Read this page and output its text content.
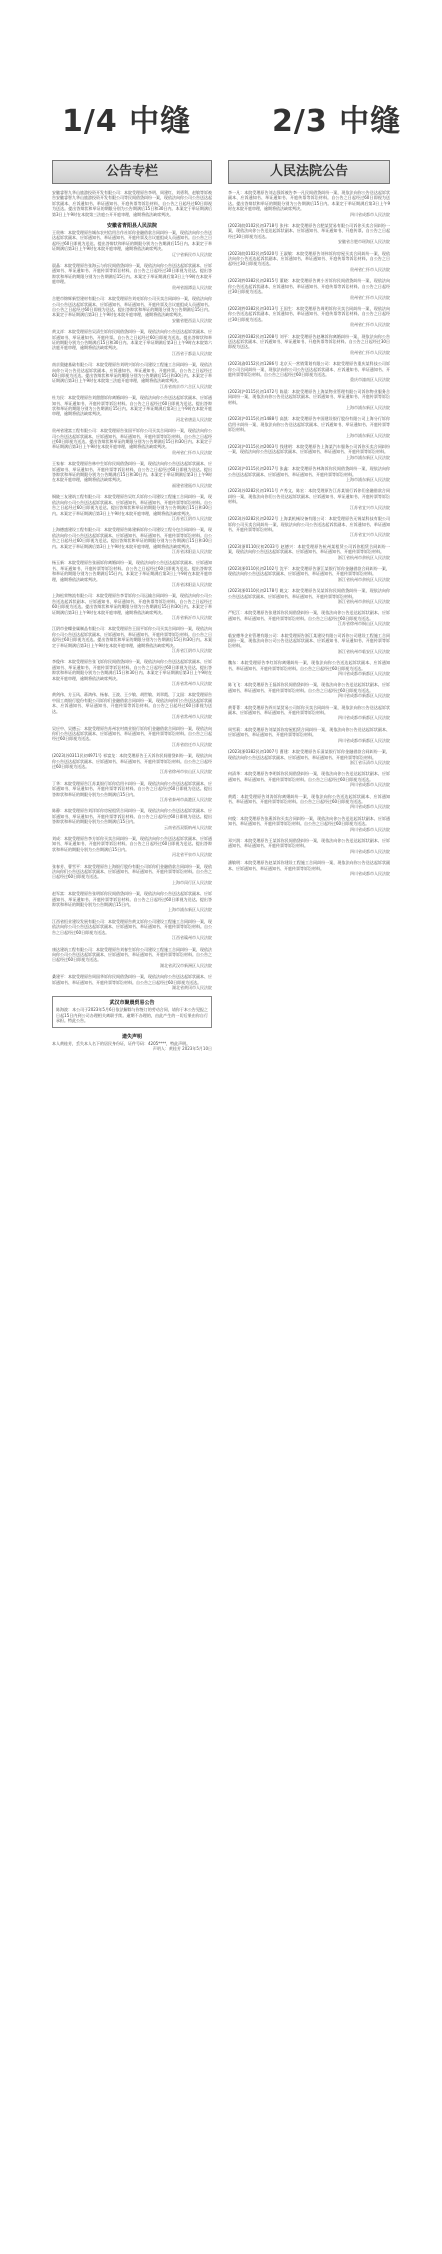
1/4 中缝	2/3 中缝
公告专栏

安徽睿智九华山旅游投资开发有限公司：本院受理原告李明、周建红、刘勇利、赵敏等诉被告安徽睿智九华山旅游投资开发有限公司等民间借贷纠纷一案，现依法向你公司公告送达起诉状副本、应诉通知书、举证通知书、开庭传票等诉讼材料。自公告之日起经过60日即视为送达。提出答辩状和举证的期限分别为公告期满后15日和30日内。本案定于举证期满后第3日上午9时在本院第三法庭公开开庭审理，逾期将依法缺席判决。

安徽省青阳县人民法院

王贵林：本院受理原告城东农村信用合作社诉你金融借款合同纠纷一案，现依法向你公告送达起诉状副本、应诉通知书、举证通知书、开庭传票及合议庭组成人员通知书。自公告之日起经过60日即视为送达。提出答辩状和举证的期限分别为公告期满后15日内。本案定于举证期满后第3日上午9时在本院开庭审理，逾期将依法缺席判决。

辽宁省新民市人民法院

晨晶：本院受理原告张海云与你民间借贷纠纷一案，现依法向你公告送达起诉状副本、应诉通知书、举证通知书、开庭传票等诉讼材料。自公告之日起经过30日即视为送达。提出答辩状和举证的期限分别为公告期满后15日内。本案定于举证期满后第3日上午9时在本院开庭审理。

贵州省湄潭县人民法院

合肥市锦辉新型建材有限公司：本院受理原告刘亮诉你公司买卖合同纠纷一案，现依法向你公司公告送达起诉状副本、应诉通知书、举证通知书、开庭传票及合议庭组成人员通知书。自公告之日起经过60日即视为送达。提出答辩状和举证的期限分别为公告期满后15日内。本案定于举证期满后第3日上午9时在本院开庭审理，逾期将依法缺席判决。

安徽省肥西县人民法院

黄文祥：本院受理原告吴清生诉你民间借贷纠纷一案，现依法向你公告送达起诉状副本、应诉通知书、举证通知书、开庭传票。自公告之日起经过60日即视为送达。提出答辩状和举证的期限分别为公告期满后15日和30日内。本案定于举证期满后第3日上午9时在本院第六法庭开庭审理，逾期将依法缺席判决。

江西省于都县人民法院

南京奥捷基础有限公司：本院受理原告刘明兴诉你公司建设工程施工合同纠纷一案，现依法向你公司公告送达起诉状副本、应诉通知书、举证通知书、开庭传票。自公告之日起经过60日即视为送达。提出答辩状和举证的期限分别为公告期满后15日和30日内。本案定于举证期满后第3日上午9时在本院第三法庭开庭审理，逾期将依法缺席判决。

江苏省南京市六合区人民法院

杜为民：本院受理原告刘甜甜诉你离婚纠纷一案，现依法向你公告送达起诉状副本、应诉通知书、举证通知书、开庭传票等诉讼材料。自公告之日起经过60日即视为送达。提出答辩状和举证的期限分别为公告期满后15日内。本案定于举证期满后第3日上午9时在本院开庭审理，逾期将依法缺席判决。

河北省唐县人民法院

贵州省建富工程有限公司：本院受理原告张国平诉你公司买卖合同纠纷一案，现依法向你公司公告送达起诉状副本、应诉通知书、举证通知书、开庭传票等诉讼材料。自公告之日起经过60日即视为送达。提出答辩状和举证的期限分别为公告期满后15日和30日内。本案定于举证期满后第3日上午9时在本院开庭审理，逾期将依法缺席判决。

贵州省仁怀市人民法院

王家春：本院受理原告林中生诉你民间借贷纠纷一案，现依法向你公告送达起诉状副本、应诉通知书、举证通知书、开庭传票等诉讼材料。自公告之日起经过60日即视为送达。提出答辩状和举证的期限分别为公告期满后15日和30日内。本案定于举证期满后第3日上午9时在本院开庭审理，逾期将依法缺席判决。

福建省建瓯市人民法院

铜陵三友建筑工程有限公司：本院受理原告吴红兵诉你公司建设工程施工合同纠纷一案，现依法向你公司公告送达起诉状副本、应诉通知书、举证通知书、开庭传票等诉讼材料。自公告之日起经过60日即视为送达。提出答辩状和举证的期限分别为公告期满后15日和30日内。本案定于举证期满后第3日上午9时在本院开庭审理，逾期将依法缺席判决。

江苏省江阴市人民法院

上海德盛建设工程有限公司：本院受理原告陈建新诉你公司建设工程分包合同纠纷一案，现依法向你公司公告送达起诉状副本、应诉通知书、举证通知书、开庭传票等诉讼材料。自公告之日起经过60日即视为送达。提出答辩状和举证的期限分别为公告期满后15日和30日内。本案定于举证期满后第3日上午9时在本院开庭审理，逾期将依法缺席判决。

江苏省沭阳县人民法院

杨玉新：本院受理原告张丽诉你离婚纠纷一案，现依法向你公告送达起诉状副本、应诉通知书、举证通知书、开庭传票等诉讼材料。自公告之日起经过60日即视为送达。提出答辩状和举证的期限分别为公告期满后15日内。本案定于举证期满后第3日上午9时在本院开庭审理，逾期将依法缺席判决。

江苏省沭阳县人民法院

上海松荣物流有限公司：本院受理原告李青诉你公司运输合同纠纷一案，现依法向你公司公告送达起诉状副本、应诉通知书、举证通知书、开庭传票等诉讼材料。自公告之日起经过60日即视为送达。提出答辩状和举证的期限分别为公告期满后15日和30日内。本案定于举证期满后第3日上午9时在本院开庭审理，逾期将依法缺席判决。

江苏省新沂市人民法院

江阴市金蝶金属制品有限公司：本院受理原告王国平诉你公司买卖合同纠纷一案，现依法向你公司公告送达起诉状副本、应诉通知书、举证通知书、开庭传票等诉讼材料。自公告之日起经过60日即视为送达。提出答辩状和举证的期限分别为公告期满后15日和30日内。本案定于举证期满后第3日上午9时在本院开庭审理，逾期将依法缺席判决。

江苏省江阴市人民法院

李俊伟：本院受理原告张飞诉你民间借贷纠纷一案，现依法向你公告送达起诉状副本、应诉通知书、举证通知书、开庭传票等诉讼材料。自公告之日起经过60日即视为送达。提出答辩状和举证的期限分别为公告期满后15日和30日内。本案定于举证期满后第3日上午9时在本院开庭审理，逾期将依法缺席判决。

江苏省常州市人民法院

黄剑伟、方玉风、蒋鸿伟、杨春、王波、王少敏、胡世敏、刘翠霞、丁文国：本院受理原告中国工商银行股份有限公司诉你们金融借款合同纠纷一案，现依法向你们公告送达起诉状副本、应诉通知书、举证通知书、开庭传票等诉讼材料。自公告之日起经过60日即视为送达。

江苏省常州市人民法院

吴应中、吴德云：本院受理原告苏州农村商业银行诉你们金融借款合同纠纷一案，现依法向你们公告送达起诉状副本、应诉通知书、举证通知书、开庭传票等诉讼材料。自公告之日起经过60日即视为送达。

江苏省宿迁市人民法院

(2023)苏0311民初4971号 祁富龙：本院受理原告王天诉你民间借贷纠纷一案，现依法向你公告送达起诉状副本、应诉通知书、举证通知书、开庭传票等诉讼材料。自公告之日起经过60日即视为送达。

江苏省徐州市泉山区人民法院

丁华：本院受理原告江苏某银行诉你信用卡纠纷一案，现依法向你公告送达起诉状副本、应诉通知书、举证通知书、开庭传票等诉讼材料。自公告之日起经过60日即视为送达。提出答辩状和举证的期限分别为公告期满后15日内。

江苏省泰州市高港区人民法院

陈静：本院受理原告刘洋诉你房屋租赁合同纠纷一案，现依法向你公告送达起诉状副本、应诉通知书、举证通知书、开庭传票等诉讼材料。自公告之日起经过60日即视为送达。提出答辩状和举证的期限分别为公告期满后15日内。

云南省西双版纳州人民法院

刘成：本院受理原告李方诉你买卖合同纠纷一案，现依法向你公告送达起诉状副本、应诉通知书、举证通知书、开庭传票等诉讼材料。自公告之日起经过60日即视为送达。提出答辩状和举证的期限分别为公告期满后15日内。

河北省平泉市人民法院

张春芳、曹雪平：本院受理原告上海银行股份有限公司诉你们金融借款合同纠纷一案，现依法向你们公告送达起诉状副本、应诉通知书、举证通知书、开庭传票等诉讼材料。自公告之日起经过60日即视为送达。

上海市闵行区人民法院

赵军富：本院受理原告张明诉你民间借贷纠纷一案，现依法向你公告送达起诉状副本、应诉通知书、举证通知书、开庭传票等诉讼材料。自公告之日起经过60日即视为送达。提出答辩状和举证的期限分别为公告期满后15日内。

上海市浦东新区人民法院

江西省恒业建设发展有限公司：本院受理原告黄文诉你公司建设工程施工合同纠纷一案，现依法向你公司公告送达起诉状副本、应诉通知书、举证通知书、开庭传票等诉讼材料。自公告之日起经过60日即视为送达。

江西省赣州市人民法院

康达建筑工程有限公司：本院受理原告刘春生诉你公司建设工程施工合同纠纷一案，现依法向你公司公告送达起诉状副本、应诉通知书、举证通知书、开庭传票等诉讼材料。自公告之日起经过60日即视为送达。

湖北省武汉市新洲区人民法院

桑建平：本院受理原告周国华诉你民间借贷纠纷一案，现依法向你公告送达起诉状副本、应诉通知书、举证通知书、开庭传票等诉讼材料。自公告之日起经过60日即视为送达。

湖北省黄冈市人民法院

武汉市聚晨贸易公告

陈海波：本公司于2023年5月6日依法解除与你签订的劳动合同，请你于本公告见报之日起15日内到公司办理相关离职手续。逾期不办理的，由此产生的一切后果由你自行承担。特此公告。

遗失声明

本人黄桂芳，丢失本人名下的居民身份证，证件号码：4205****，特此声明。

声明人：黄桂芳 2023年5月10日

人民法院公告

李一凡：本院受理原告刘志强诉被告李一凡民间借贷纠纷一案，现依法向你公告送达起诉状副本、应诉通知书、举证通知书、开庭传票等诉讼材料。自公告之日起经过60日即视为送达。提出答辩状和举证的期限分别为公告期满后15日内。本案定于举证期满后第3日上午9时在本院开庭审理，逾期将依法缺席判决。

四川省成都市人民法院

(2023)皖0102民初3718号 张伟：本院受理原告合肥某贸易有限公司诉你买卖合同纠纷一案，现依法向你公告送达起诉状副本、应诉通知书、举证通知书、开庭传票。自公告之日起经过30日即视为送达。

安徽省合肥市瑶海区人民法院

(2023)皖0102民初5020号 王淑敏：本院受理原告刘伟诉你房屋买卖合同纠纷一案，现依法向你公告送达起诉状副本、应诉通知书、举证通知书、开庭传票等诉讼材料。自公告之日起经过30日即视为送达。

贵州省仁怀市人民法院

(2023)黔0382民初2815号 董晓：本院受理原告黄小芳诉你民间借贷纠纷一案，现依法向你公告送达起诉状副本、应诉通知书、举证通知书、开庭传票等诉讼材料。自公告之日起经过30日即视为送达。

贵州省仁怀市人民法院

(2023)黔0382民初3013号 王国生：本院受理原告周明诉你买卖合同纠纷一案，现依法向你公告送达起诉状副本、应诉通知书、举证通知书、开庭传票等诉讼材料。自公告之日起经过30日即视为送达。

贵州省仁怀市人民法院

(2023)黔0382民初1208号 刘平：本院受理原告赵琳诉你离婚纠纷一案，现依法向你公告送达起诉状副本、应诉通知书、举证通知书、开庭传票等诉讼材料。自公告之日起经过30日即视为送达。

贵州省仁怀市人民法院

(2023)渝0152民初1286号 北京天一营销策划有限公司：本院受理原告重庆某科技公司诉你公司合同纠纷一案，现依法向你公司公告送达起诉状副本、应诉通知书、举证通知书、开庭传票等诉讼材料。自公告之日起经过60日即视为送达。

重庆市潼南区人民法院

(2023)沪0115民初1472号 陈晨：本院受理原告上海某物业管理有限公司诉你物业服务合同纠纷一案，现依法向你公告送达起诉状副本、应诉通知书、举证通知书、开庭传票等诉讼材料。

上海市浦东新区人民法院

(2023)沪0115民初1488号 高凯：本院受理原告中国建设银行股份有限公司上海分行诉你信用卡纠纷一案，现依法向你公告送达起诉状副本、应诉通知书、举证通知书、开庭传票等诉讼材料。

上海市浦东新区人民法院

(2023)沪0115民初2003号 钱建明：本院受理原告上海某汽车服务公司诉你买卖合同纠纷一案，现依法向你公告送达起诉状副本、应诉通知书、举证通知书、开庭传票等诉讼材料。

上海市浦东新区人民法院

(2023)沪0115民初2017号 张鑫：本院受理原告林海诉你民间借贷纠纷一案，现依法向你公告送达起诉状副本、应诉通知书、举证通知书、开庭传票等诉讼材料。

上海市浦东新区人民法院

(2023)苏0282民初1911号 卢秀文、陈宏：本院受理原告江苏某银行诉你们金融借款合同纠纷一案，现依法向你们公告送达起诉状副本、应诉通知书、举证通知书、开庭传票等诉讼材料。

江苏省宜兴市人民法院

(2023)苏0282民初2022号 上海某机械设备有限公司：本院受理原告无锡某科技有限公司诉你公司买卖合同纠纷一案，现依法向你公司公告送达起诉状副本、应诉通知书、举证通知书、开庭传票等诉讼材料。

江苏省宜兴市人民法院

(2023)浙0110民初2033号 赵德兴：本院受理原告杭州某租赁公司诉你租赁合同纠纷一案，现依法向你公告送达起诉状副本、应诉通知书、举证通知书、开庭传票等诉讼材料。

浙江省杭州市余杭区人民法院

(2023)浙0110民初2102号 沈平：本院受理原告浙江某银行诉你金融借款合同纠纷一案，现依法向你公告送达起诉状副本、应诉通知书、举证通知书、开庭传票等诉讼材料。

浙江省杭州市余杭区人民法院

(2023)浙0110民初2178号 姚文：本院受理原告吴某诉你民间借贷纠纷一案，现依法向你公告送达起诉状副本、应诉通知书、举证通知书、开庭传票等诉讼材料。

浙江省杭州市余杭区人民法院

严纪江：本院受理原告张建诉你民间借贷纠纷一案，现依法向你公告送达起诉状副本、应诉通知书、举证通知书、开庭传票等诉讼材料。自公告之日起经过60日即视为送达。

江苏省徐州市铜山区人民法院

临安德华企业管理有限公司：本院受理原告浙江某建设有限公司诉你公司建设工程施工合同纠纷一案，现依法向你公司公告送达起诉状副本、应诉通知书、举证通知书、开庭传票等诉讼材料。

浙江省杭州市临安区人民法院

魏东：本院受理原告李红诉你离婚纠纷一案，现依法向你公告送达起诉状副本、应诉通知书、举证通知书、开庭传票等诉讼材料。自公告之日起经过60日即视为送达。

四川省成都市新都区人民法院

陈飞飞：本院受理原告王磊诉你民间借贷纠纷一案，现依法向你公告送达起诉状副本、应诉通知书、举证通知书、开庭传票等诉讼材料。自公告之日起经过60日即视为送达。

四川省成都市新都区人民法院

黄菁菁：本院受理原告四川某贸易公司诉你买卖合同纠纷一案，现依法向你公告送达起诉状副本、应诉通知书、举证通知书、开庭传票等诉讼材料。

四川省成都市新都区人民法院

周雪莉：本院受理原告刘某诉你房屋租赁合同纠纷一案，现依法向你公告送达起诉状副本、应诉通知书、举证通知书、开庭传票等诉讼材料。

四川省成都市新都区人民法院

(2023)浙0382民初1007号 曹建：本院受理原告乐清某银行诉你金融借款合同纠纷一案，现依法向你公告送达起诉状副本、应诉通知书、举证通知书、开庭传票等诉讼材料。

浙江省乐清市人民法院

何清华：本院受理原告李明诉你民间借贷纠纷一案，现依法向你公告送达起诉状副本、应诉通知书、举证通知书、开庭传票等诉讼材料。自公告之日起经过60日即视为送达。

四川省成都市人民法院

黄霞：本院受理原告刘涛诉你离婚纠纷一案，现依法向你公告送达起诉状副本、应诉通知书、举证通知书、开庭传票等诉讼材料。自公告之日起经过60日即视为送达。

四川省成都市人民法院

何俊：本院受理原告张燕诉你买卖合同纠纷一案，现依法向你公告送达起诉状副本、应诉通知书、举证通知书、开庭传票等诉讼材料。自公告之日起经过60日即视为送达。

四川省成都市人民法院

邓兴润：本院受理原告王某诉你民间借贷纠纷一案，现依法向你公告送达起诉状副本、应诉通知书、举证通知书、开庭传票等诉讼材料。

四川省成都市人民法院

潘敏明：本院受理原告赵某诉你建设工程施工合同纠纷一案，现依法向你公告送达起诉状副本、应诉通知书、举证通知书、开庭传票等诉讼材料。

四川省成都市人民法院
